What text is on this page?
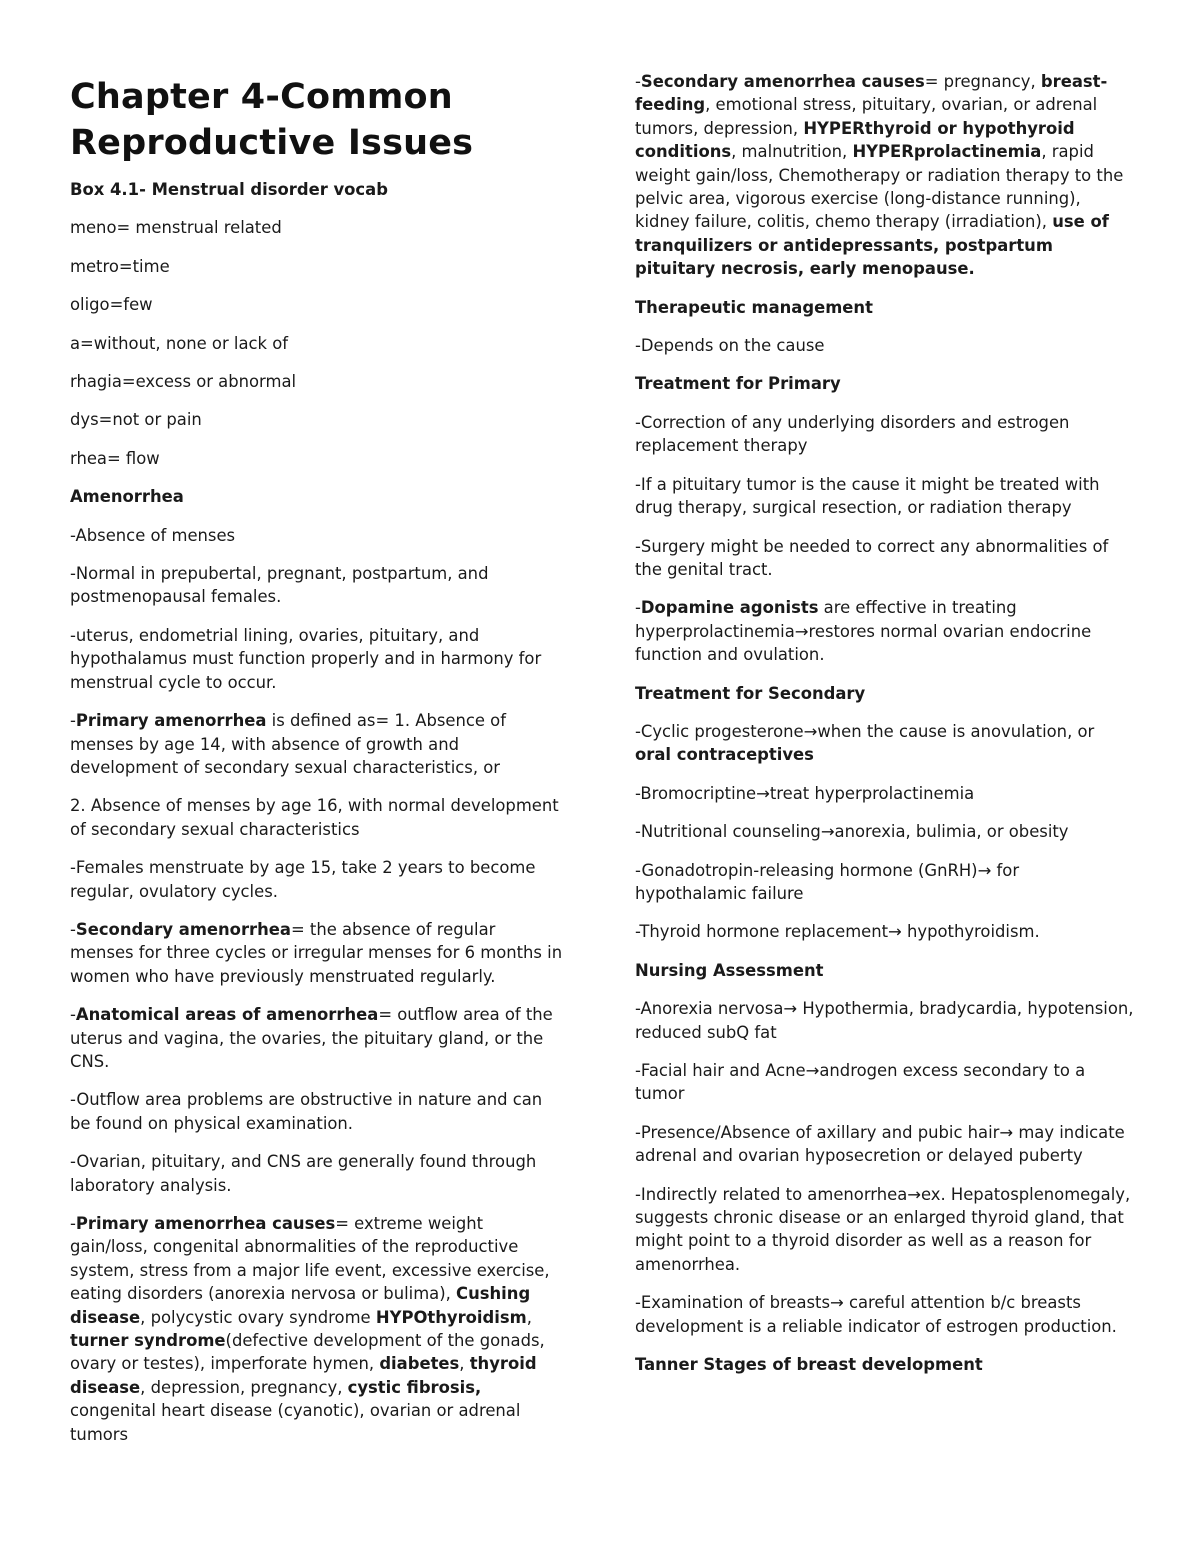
Chapter 4-Common Reproductive Issues
Box 4.1- Menstrual disorder vocab

meno= menstrual related

metro=time

oligo=few

a=without, none or lack of

rhagia=excess or abnormal

dys=not or pain

rhea= flow

Amenorrhea

-Absence of menses

-Normal in prepubertal, pregnant, postpartum, and postmenopausal females.

-uterus, endometrial lining, ovaries, pituitary, and hypothalamus must function properly and in harmony for menstrual cycle to occur.

-Primary amenorrhea is defined as= 1. Absence of menses by age 14, with absence of growth and development of secondary sexual characteristics, or

2. Absence of menses by age 16, with normal development of secondary sexual characteristics

-Females menstruate by age 15, take 2 years to become regular, ovulatory cycles.

-Secondary amenorrhea= the absence of regular menses for three cycles or irregular menses for 6 months in women who have previously menstruated regularly.

-Anatomical areas of amenorrhea= outflow area of the uterus and vagina, the ovaries, the pituitary gland, or the CNS.

-Outflow area problems are obstructive in nature and can be found on physical examination.

-Ovarian, pituitary, and CNS are generally found through laboratory analysis.

-Primary amenorrhea causes= extreme weight gain/loss, congenital abnormalities of the reproductive system, stress from a major life event, excessive exercise, eating disorders (anorexia nervosa or bulima), Cushing disease, polycystic ovary syndrome HYPOthyroidism, turner syndrome(defective development of the gonads, ovary or testes), imperforate hymen, diabetes, thyroid disease, depression, pregnancy, cystic fibrosis, congenital heart disease (cyanotic), ovarian or adrenal tumors

-Secondary amenorrhea causes= pregnancy, breast-feeding, emotional stress, pituitary, ovarian, or adrenal tumors, depression, HYPERthyroid or hypothyroid conditions, malnutrition, HYPERprolactinemia, rapid weight gain/loss, Chemotherapy or radiation therapy to the pelvic area, vigorous exercise (long-distance running), kidney failure, colitis, chemo therapy (irradiation), use of tranquilizers or antidepressants, postpartum pituitary necrosis, early menopause.

Therapeutic management

-Depends on the cause

Treatment for Primary

-Correction of any underlying disorders and estrogen replacement therapy

-If a pituitary tumor is the cause it might be treated with drug therapy, surgical resection, or radiation therapy

-Surgery might be needed to correct any abnormalities of the genital tract.

-Dopamine agonists are effective in treating hyperprolactinemia→restores normal ovarian endocrine function and ovulation.

Treatment for Secondary

-Cyclic progesterone→when the cause is anovulation, or oral contraceptives

-Bromocriptine→treat hyperprolactinemia

-Nutritional counseling→anorexia, bulimia, or obesity

-Gonadotropin-releasing hormone (GnRH)→ for hypothalamic failure

-Thyroid hormone replacement→ hypothyroidism.

Nursing Assessment

-Anorexia nervosa→ Hypothermia, bradycardia, hypotension, reduced subQ fat

-Facial hair and Acne→androgen excess secondary to a tumor

-Presence/Absence of axillary and pubic hair→ may indicate adrenal and ovarian hyposecretion or delayed puberty

-Indirectly related to amenorrhea→ex. Hepatosplenomegaly, suggests chronic disease or an enlarged thyroid gland, that might point to a thyroid disorder as well as a reason for amenorrhea.

-Examination of breasts→ careful attention b/c breasts development is a reliable indicator of estrogen production.

Tanner Stages of breast development
